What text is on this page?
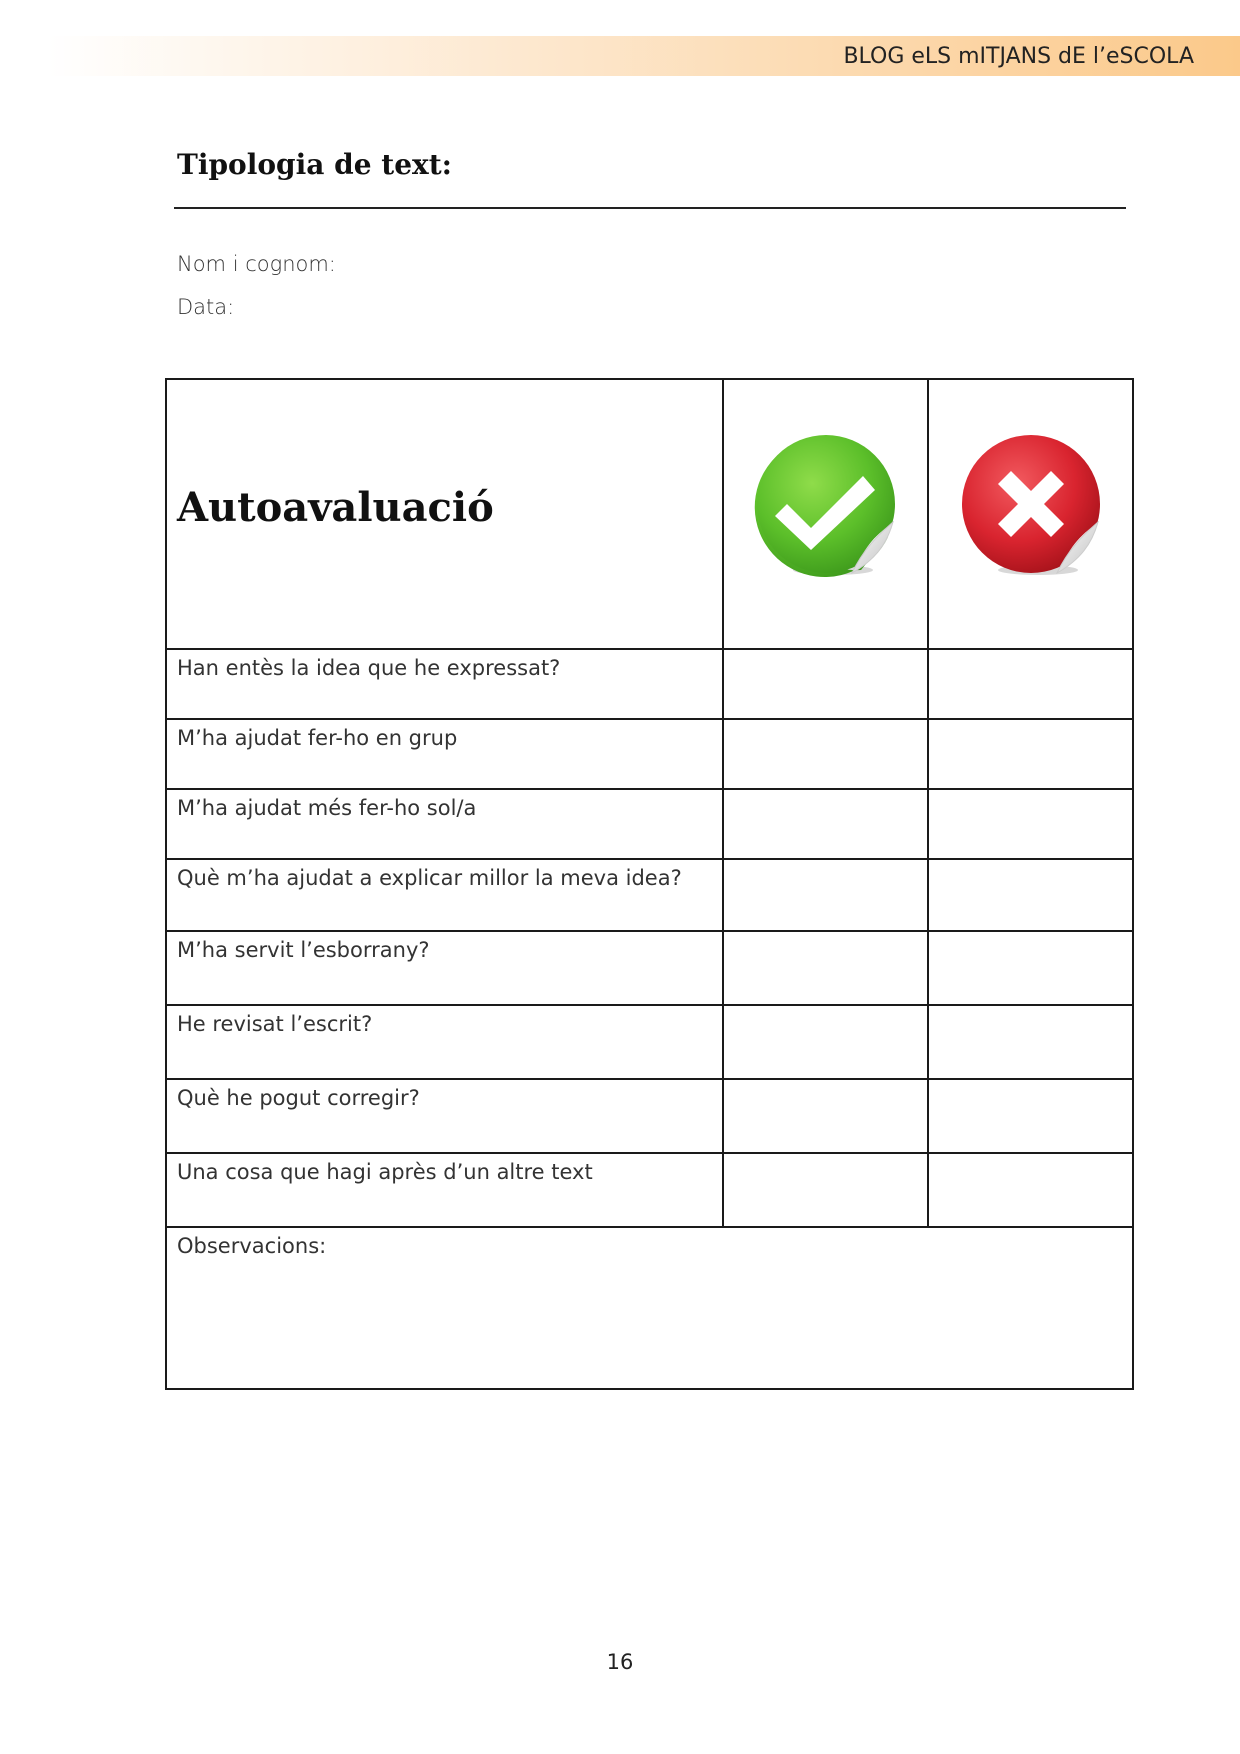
BLOG eLS mITJANS dE l’eSCOLA
Tipologia de text:
Nom i cognom:
Data:
Autoavaluació

Han entès la idea que he expressat?		

M’ha ajudat fer-ho en grup		

M’ha ajudat més fer-ho sol/a		

Què m’ha ajudat a explicar millor la meva idea?		

M’ha servit l’esborrany?		

He revisat l’escrit?		

Què he pogut corregir?		

Una cosa que hagi après d’un altre text		

Observacions:		
16
